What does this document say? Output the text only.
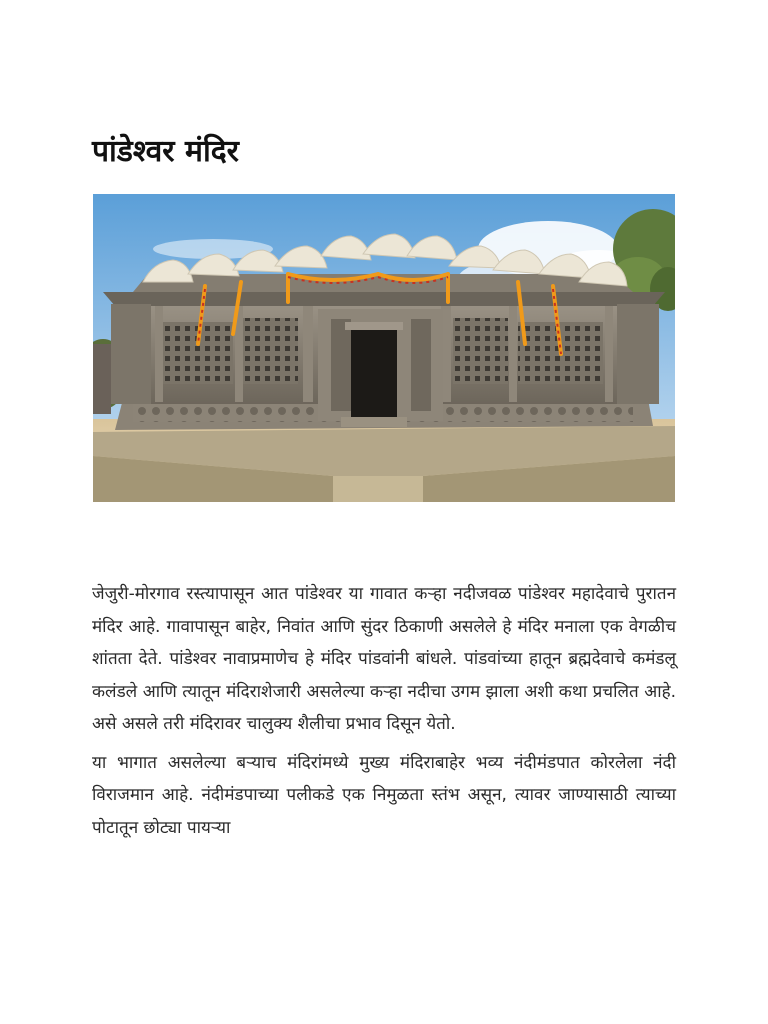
पांडेश्वर मंदिर

जेजुरी-मोरगाव रस्त्यापासून आत पांडेश्वर या गावात कऱ्हा नदीजवळ पांडेश्वर महादेवाचे पुरातन मंदिर आहे. गावापासून बाहेर, निवांत आणि सुंदर ठिकाणी असलेले हे मंदिर मनाला एक वेगळीच शांतता देते. पांडेश्वर नावाप्रमाणेच हे मंदिर पांडवांनी बांधले. पांडवांच्या हातून ब्रह्मदेवाचे कमंडलू कलंडले आणि त्यातून मंदिराशेजारी असलेल्या कऱ्हा नदीचा उगम झाला अशी कथा प्रचलित आहे. असे असले तरी मंदिरावर चालुक्य शैलीचा प्रभाव दिसून येतो.

या भागात असलेल्या बऱ्याच मंदिरांमध्ये मुख्य मंदिराबाहेर भव्य नंदीमंडपात कोरलेला नंदी विराजमान आहे. नंदीमंडपाच्या पलीकडे एक निमुळता स्तंभ असून, त्यावर जाण्यासाठी त्याच्या पोटातून छोट्या पायऱ्या
